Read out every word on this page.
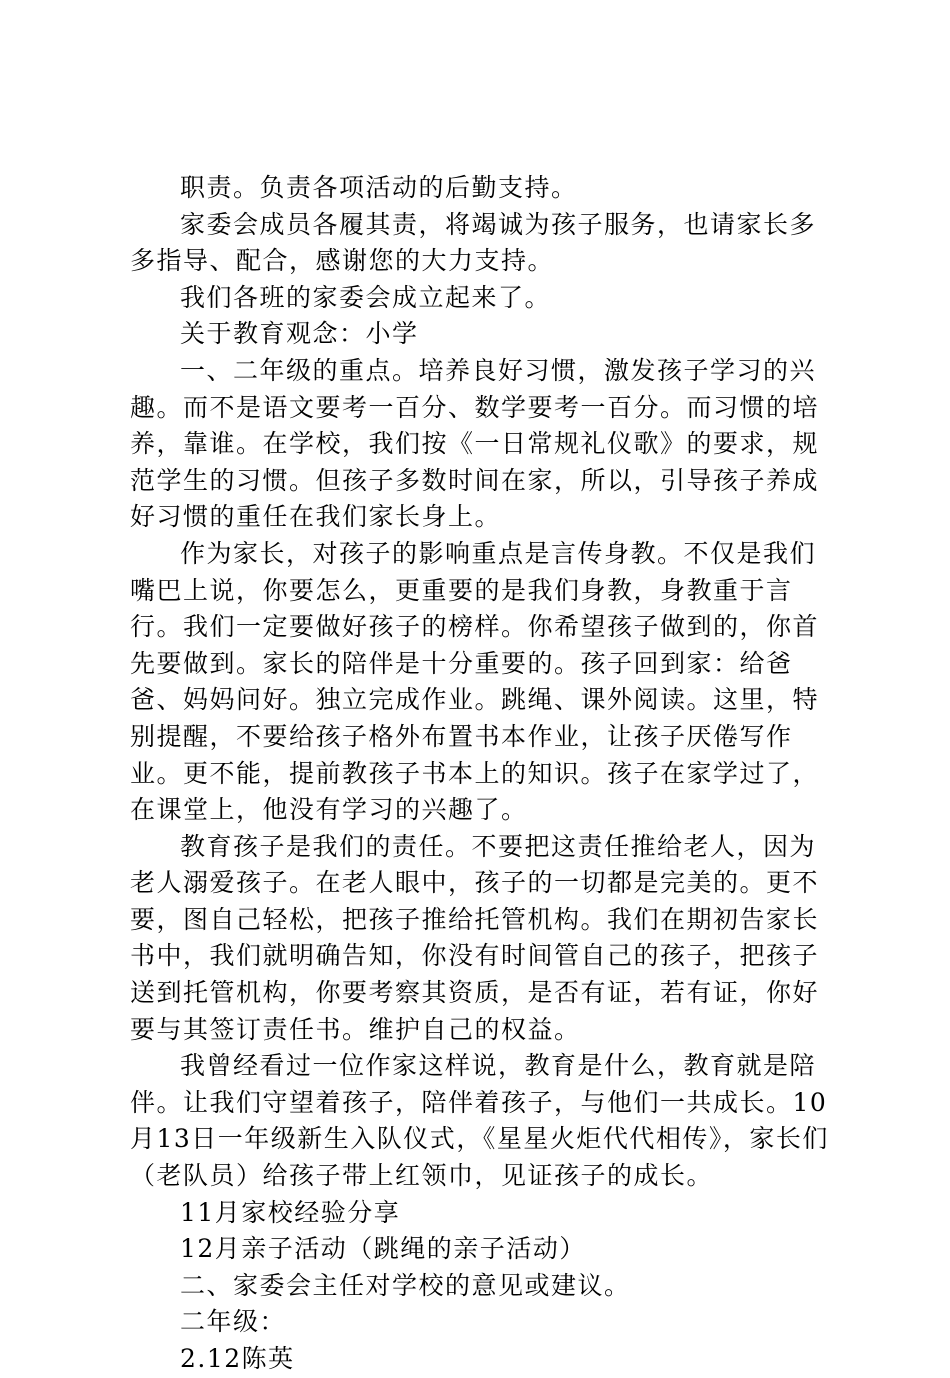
职责。负责各项活动的后勤支持。

家委会成员各履其责，将竭诚为孩子服务，也请家长多多指导、配合，感谢您的大力支持。

我们各班的家委会成立起来了。

关于教育观念：小学

一、二年级的重点。培养良好习惯，激发孩子学习的兴趣。而不是语文要考一百分、数学要考一百分。而习惯的培养，靠谁。在学校，我们按《一日常规礼仪歌》的要求，规范学生的习惯。但孩子多数时间在家，所以，引导孩子养成好习惯的重任在我们家长身上。

作为家长，对孩子的影响重点是言传身教。不仅是我们嘴巴上说，你要怎么，更重要的是我们身教，身教重于言行。我们一定要做好孩子的榜样。你希望孩子做到的，你首先要做到。家长的陪伴是十分重要的。孩子回到家：给爸爸、妈妈问好。独立完成作业。跳绳、课外阅读。这里，特别提醒，不要给孩子格外布置书本作业，让孩子厌倦写作业。更不能，提前教孩子书本上的知识。孩子在家学过了，在课堂上，他没有学习的兴趣了。

教育孩子是我们的责任。不要把这责任推给老人，因为老人溺爱孩子。在老人眼中，孩子的一切都是完美的。更不要，图自己轻松，把孩子推给托管机构。我们在期初告家长书中，我们就明确告知，你没有时间管自己的孩子，把孩子送到托管机构，你要考察其资质，是否有证，若有证，你好要与其签订责任书。维护自己的权益。

我曾经看过一位作家这样说，教育是什么，教育就是陪伴。让我们守望着孩子，陪伴着孩子，与他们一共成长。10月13日一年级新生入队仪式，《星星火炬代代相传》，家长们（老队员）给孩子带上红领巾，见证孩子的成长。

11月家校经验分享

12月亲子活动（跳绳的亲子活动）

二、家委会主任对学校的意见或建议。

二年级：

2.12陈英
